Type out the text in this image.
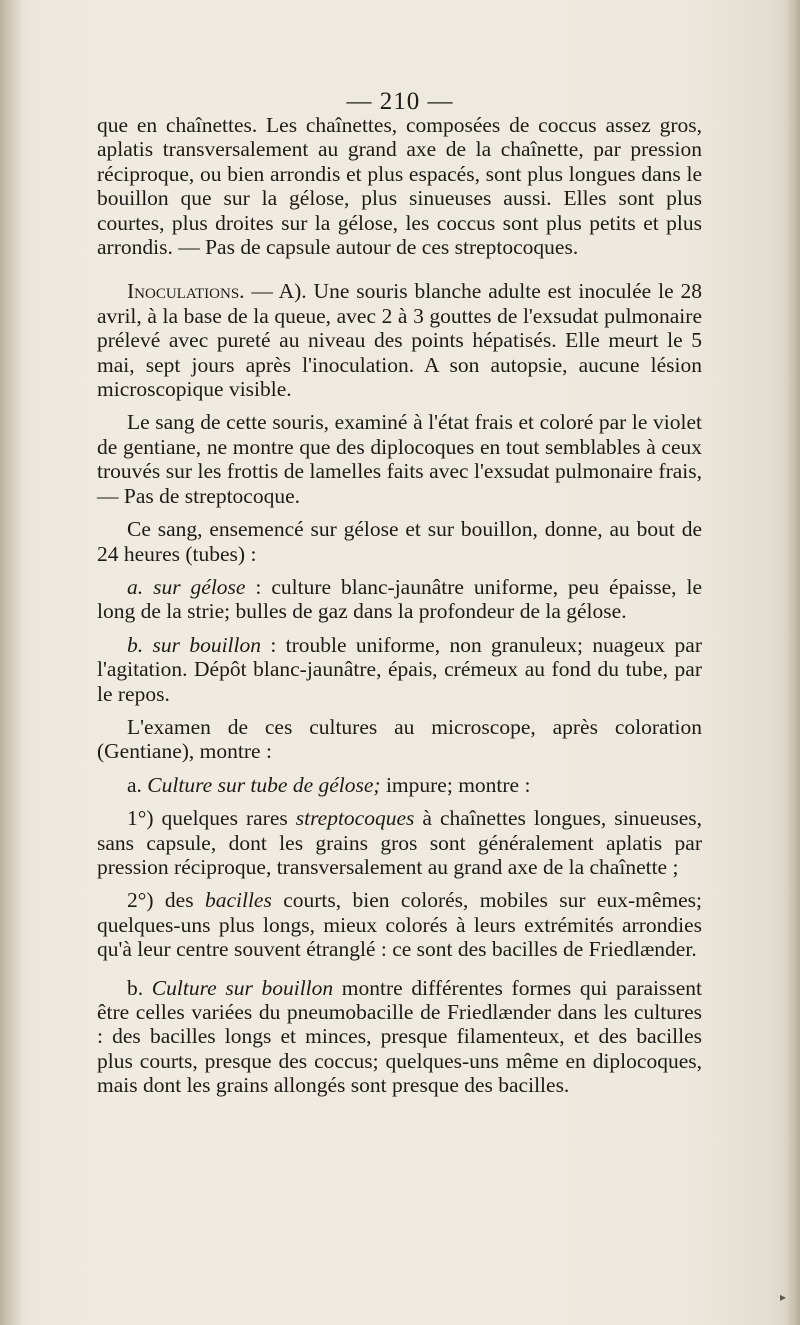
— 210 —

que en chaînettes. Les chaînettes, composées de coccus assez gros, aplatis transversalement au grand axe de la chaînette, par pression réciproque, ou bien arrondis et plus espacés, sont plus longues dans le bouillon que sur la gélose, plus sinueuses aussi. Elles sont plus courtes, plus droites sur la gélose, les coccus sont plus petits et plus arrondis. — Pas de capsule autour de ces streptocoques.

Inoculations. — A). Une souris blanche adulte est inoculée le 28 avril, à la base de la queue, avec 2 à 3 gouttes de l'exsudat pulmonaire prélevé avec pureté au niveau des points hépatisés. Elle meurt le 5 mai, sept jours après l'inoculation. A son autopsie, aucune lésion microscopique visible.

Le sang de cette souris, examiné à l'état frais et coloré par le violet de gentiane, ne montre que des diplocoques en tout semblables à ceux trouvés sur les frottis de lamelles faits avec l'exsudat pulmonaire frais, — Pas de streptocoque.

Ce sang, ensemencé sur gélose et sur bouillon, donne, au bout de 24 heures (tubes) :

a. sur gélose : culture blanc-jaunâtre uniforme, peu épaisse, le long de la strie; bulles de gaz dans la profondeur de la gélose.

b. sur bouillon : trouble uniforme, non granuleux; nuageux par l'agitation. Dépôt blanc-jaunâtre, épais, crémeux au fond du tube, par le repos.

L'examen de ces cultures au microscope, après coloration (Gentiane), montre :

a. Culture sur tube de gélose; impure; montre :

1°) quelques rares streptocoques à chaînettes longues, sinueuses, sans capsule, dont les grains gros sont généralement aplatis par pression réciproque, transversalement au grand axe de la chaînette ;

2°) des bacilles courts, bien colorés, mobiles sur eux-mêmes; quelques-uns plus longs, mieux colorés à leurs extrémités arrondies qu'à leur centre souvent étranglé : ce sont des bacilles de Friedlænder.

b. Culture sur bouillon montre différentes formes qui paraissent être celles variées du pneumobacille de Friedlænder dans les cultures : des bacilles longs et minces, presque filamenteux, et des bacilles plus courts, presque des coccus; quelques-uns même en diplocoques, mais dont les grains allongés sont presque des bacilles.

▸
